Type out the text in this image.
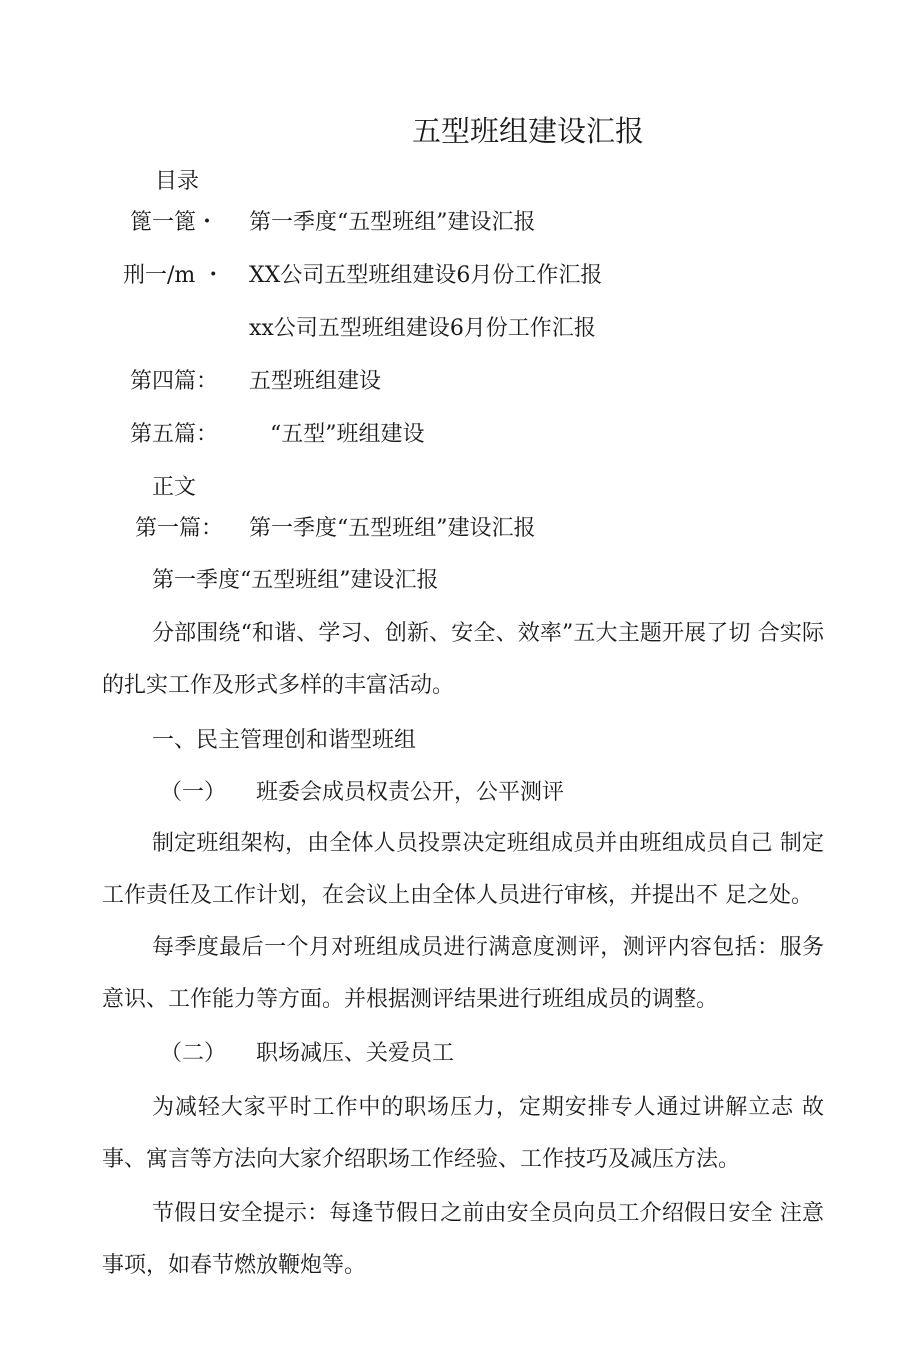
五型班组建设汇报
目录
篦一篦・ 第一季度“五型班组”建设汇报
刑一/m ・ XX公司五型班组建设6月份工作汇报
xx公司五型班组建设6月份工作汇报
第四篇： 五型班组建设
第五篇： “五型”班组建设
正文
第一篇： 第一季度“五型班组”建设汇报
第一季度“五型班组”建设汇报
分部围绕“和谐、学习、创新、安全、效率”五大主题开展了切 合实际的扎实工作及形式多样的丰富活动。
一、民主管理创和谐型班组
（一） 班委会成员权责公开，公平测评
制定班组架构，由全体人员投票决定班组成员并由班组成员自己 制定工作责任及工作计划，在会议上由全体人员进行审核，并提出不 足之处。
每季度最后一个月对班组成员进行满意度测评，测评内容包括：服务意识、工作能力等方面。并根据测评结果进行班组成员的调整。
（二） 职场减压、关爱员工
为减轻大家平时工作中的职场压力，定期安排专人通过讲解立志 故事、寓言等方法向大家介绍职场工作经验、工作技巧及减压方法。
节假日安全提示：每逢节假日之前由安全员向员工介绍假日安全 注意事项，如春节燃放鞭炮等。
